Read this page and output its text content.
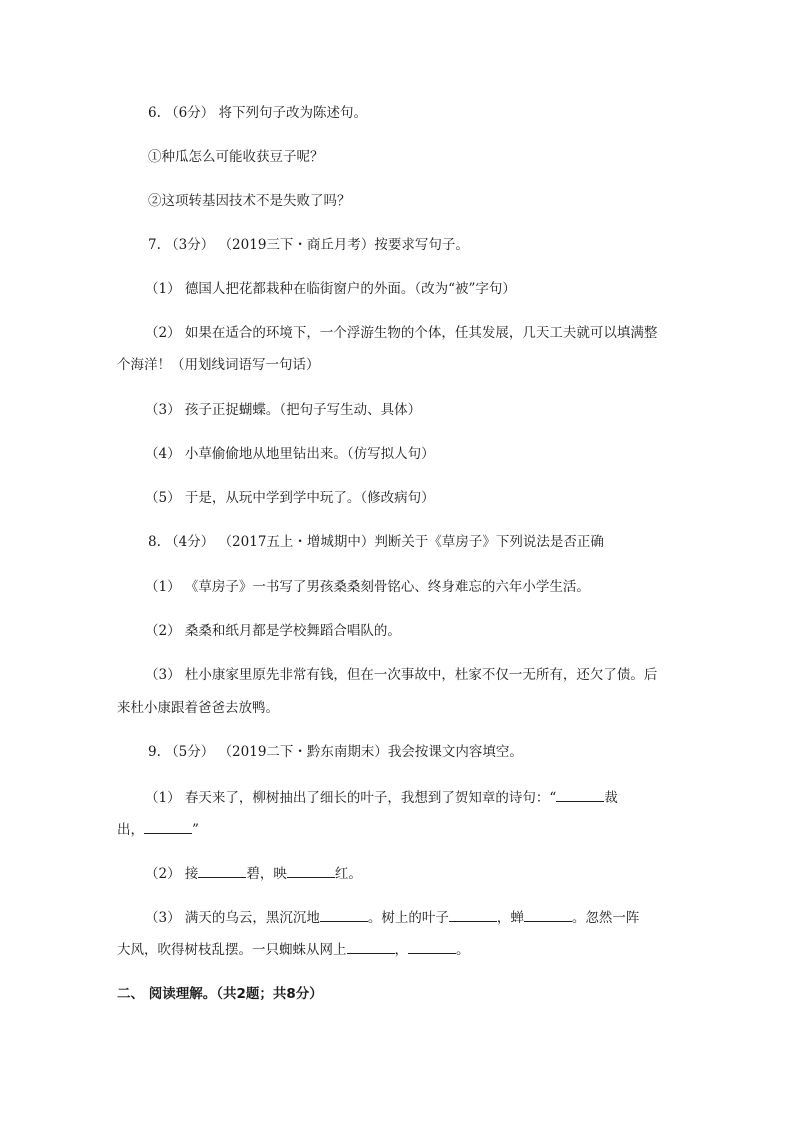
6. （6分） 将下列句子改为陈述句。
①种瓜怎么可能收获豆子呢？
②这项转基因技术不是失败了吗？
7. （3分） （2019三下・商丘月考）按要求写句子。
（1） 德国人把花都栽种在临街窗户的外面。（改为“被”字句）
（2） 如果在适合的环境下，一个浮游生物的个体，任其发展，几天工夫就可以填满整
个海洋！（用划线词语写一句话）
（3） 孩子正捉蝴蝶。（把句子写生动、具体）
（4） 小草偷偷地从地里钻出来。（仿写拟人句）
（5） 于是，从玩中学到学中玩了。（修改病句）
8. （4分） （2017五上・增城期中）判断关于《草房子》下列说法是否正确
（1） 《草房子》一书写了男孩桑桑刻骨铭心、终身难忘的六年小学生活。
（2） 桑桑和纸月都是学校舞蹈合唱队的。
（3） 杜小康家里原先非常有钱，但在一次事故中，杜家不仅一无所有，还欠了债。后
来杜小康跟着爸爸去放鸭。
9. （5分） （2019二下・黔东南期末）我会按课文内容填空。
（1） 春天来了，柳树抽出了细长的叶子，我想到了贺知章的诗句：“	裁
出，	”
（2） 接	碧，映	红。
（3） 满天的乌云，黑沉沉地	。树上的叶子	，蝉	。忽然一阵
大风，吹得树枝乱摆。一只蜘蛛从网上	，	。
二、 阅读理解。（共2题；共8分）
